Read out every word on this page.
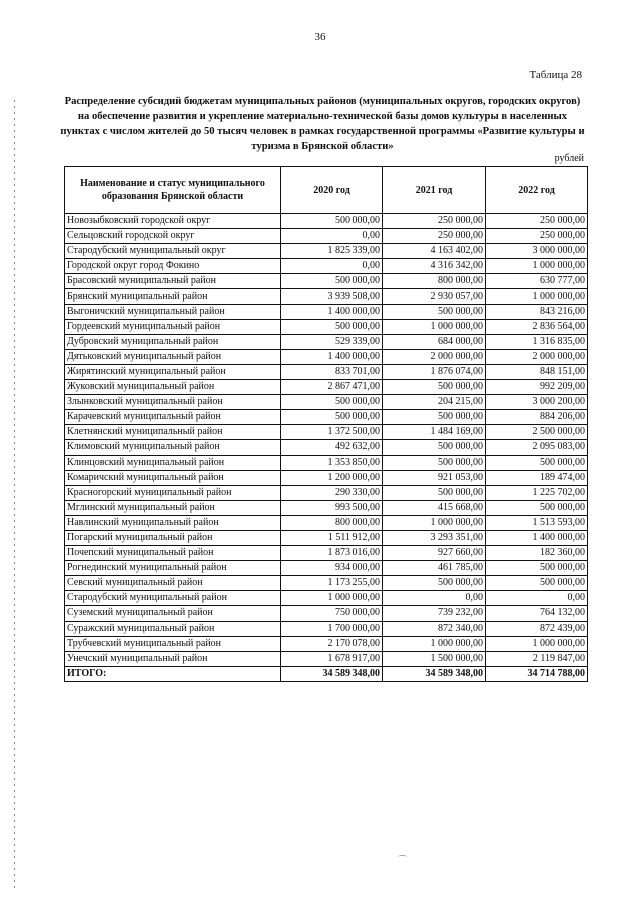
36
Таблица 28
Распределение субсидий бюджетам муниципальных районов (муниципальных округов, городских округов) на обеспечение развития и укрепление материально-технической базы домов культуры в населенных пунктах с числом жителей до 50 тысяч человек в рамках государственной программы «Развитие культуры и туризма в Брянской области»
рублей
Наименование и статус муниципального образования Брянской области	2020 год	2021 год	2022 год
Новозыбковский городской округ	500 000,00	250 000,00	250 000,00
Сельцовский городской округ	0,00	250 000,00	250 000,00
Стародубский муниципальный округ	1 825 339,00	4 163 402,00	3 000 000,00
Городской округ город Фокино	0,00	4 316 342,00	1 000 000,00
Брасовский муниципальный район	500 000,00	800 000,00	630 777,00
Брянский муниципальный район	3 939 508,00	2 930 057,00	1 000 000,00
Выгоничский муниципальный район	1 400 000,00	500 000,00	843 216,00
Гордеевский муниципальный район	500 000,00	1 000 000,00	2 836 564,00
Дубровский муниципальный район	529 339,00	684 000,00	1 316 835,00
Дятьковский муниципальный район	1 400 000,00	2 000 000,00	2 000 000,00
Жирятинский муниципальный район	833 701,00	1 876 074,00	848 151,00
Жуковский муниципальный район	2 867 471,00	500 000,00	992 209,00
Злынковский муниципальный район	500 000,00	204 215,00	3 000 200,00
Карачевский муниципальный район	500 000,00	500 000,00	884 206,00
Клетнянский муниципальный район	1 372 500,00	1 484 169,00	2 500 000,00
Климовский муниципальный район	492 632,00	500 000,00	2 095 083,00
Клинцовский муниципальный район	1 353 850,00	500 000,00	500 000,00
Комаричский муниципальный район	1 200 000,00	921 053,00	189 474,00
Красногорский муниципальный район	290 330,00	500 000,00	1 225 702,00
Мглинский муниципальный район	993 500,00	415 668,00	500 000,00
Навлинский муниципальный район	800 000,00	1 000 000,00	1 513 593,00
Погарский муниципальный район	1 511 912,00	3 293 351,00	1 400 000,00
Почепский муниципальный район	1 873 016,00	927 660,00	182 360,00
Рогнединский муниципальный район	934 000,00	461 785,00	500 000,00
Севский муниципальный район	1 173 255,00	500 000,00	500 000,00
Стародубский муниципальный район	1 000 000,00	0,00	0,00
Суземский муниципальный район	750 000,00	739 232,00	764 132,00
Суражский муниципальный район	1 700 000,00	872 340,00	872 439,00
Трубчевский муниципальный район	2 170 078,00	1 000 000,00	1 000 000,00
Унечский муниципальный район	1 678 917,00	1 500 000,00	2 119 847,00
ИТОГО:	34 589 348,00	34 589 348,00	34 714 788,00
⌒
